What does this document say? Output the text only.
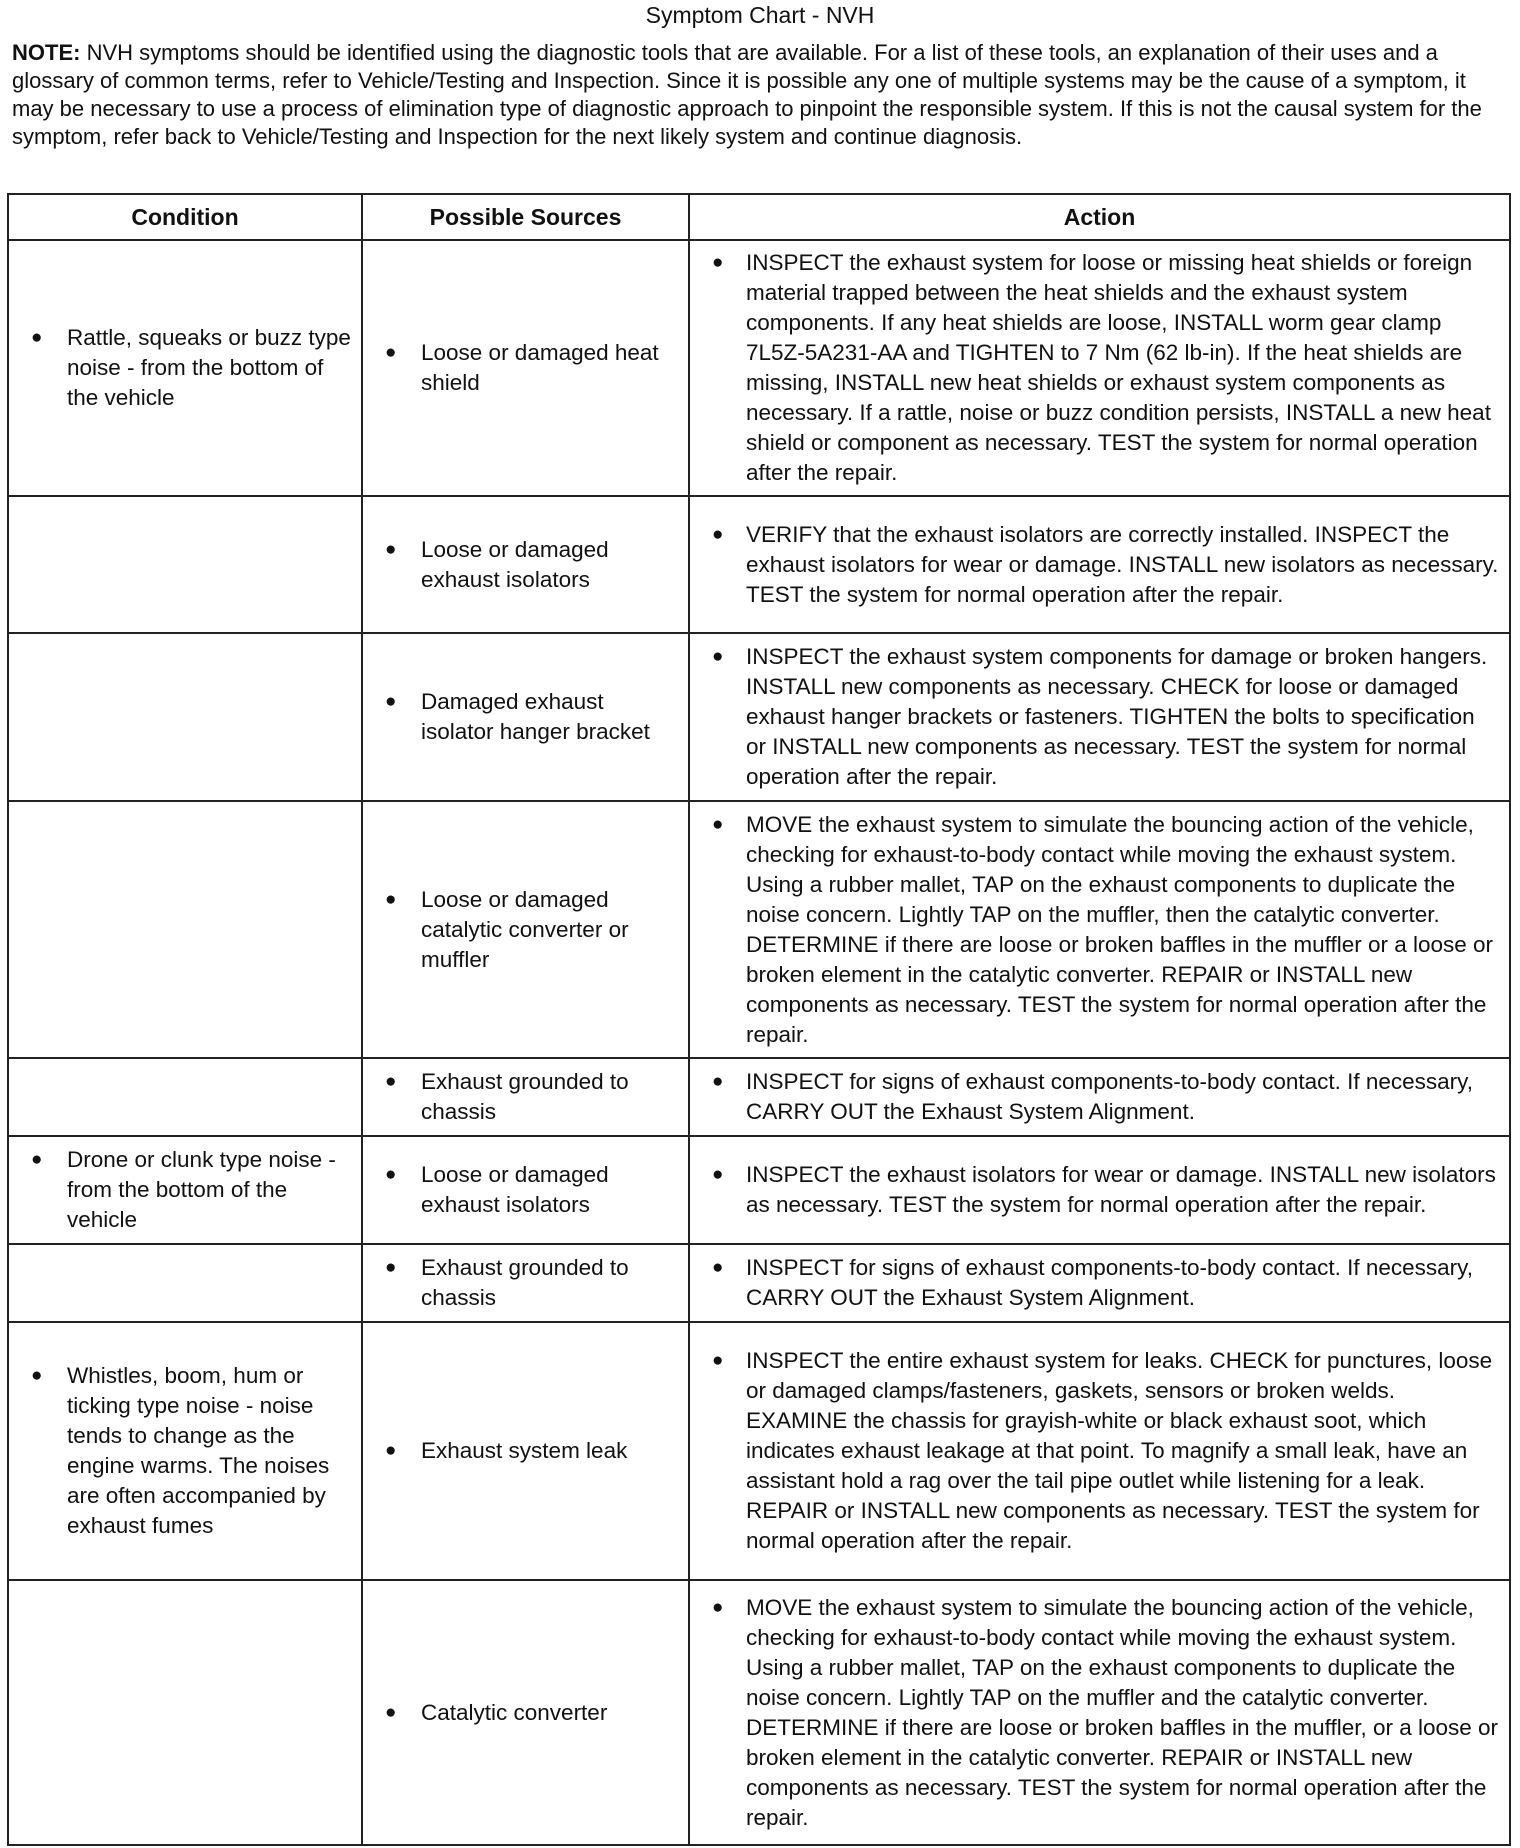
Symptom Chart - NVH
NOTE: NVH symptoms should be identified using the diagnostic tools that are available. For a list of these tools, an explanation of their uses and a glossary of common terms, refer to Vehicle/Testing and Inspection. Since it is possible any one of multiple systems may be the cause of a symptom, it may be necessary to use a process of elimination type of diagnostic approach to pinpoint the responsible system. If this is not the causal system for the symptom, refer back to Vehicle/Testing and Inspection for the next likely system and continue diagnosis.
Condition	Possible Sources	Action

● Rattle, squeaks or buzz type noise - from the bottom of the vehicle	● Loose or damaged heat shield	● INSPECT the exhaust system for loose or missing heat shields or foreign material trapped between the heat shields and the exhaust system components. If any heat shields are loose, INSTALL worm gear clamp 7L5Z-5A231-AA and TIGHTEN to 7 Nm (62 lb-in). If the heat shields are missing, INSTALL new heat shields or exhaust system components as necessary. If a rattle, noise or buzz condition persists, INSTALL a new heat shield or component as necessary. TEST the system for normal operation after the repair.

	● Loose or damaged exhaust isolators	● VERIFY that the exhaust isolators are correctly installed. INSPECT the exhaust isolators for wear or damage. INSTALL new isolators as necessary. TEST the system for normal operation after the repair.

	● Damaged exhaust isolator hanger bracket	● INSPECT the exhaust system components for damage or broken hangers. INSTALL new components as necessary. CHECK for loose or damaged exhaust hanger brackets or fasteners. TIGHTEN the bolts to specification or INSTALL new components as necessary. TEST the system for normal operation after the repair.

	● Loose or damaged catalytic converter or muffler	● MOVE the exhaust system to simulate the bouncing action of the vehicle, checking for exhaust-to-body contact while moving the exhaust system. Using a rubber mallet, TAP on the exhaust components to duplicate the noise concern. Lightly TAP on the muffler, then the catalytic converter. DETERMINE if there are loose or broken baffles in the muffler or a loose or broken element in the catalytic converter. REPAIR or INSTALL new components as necessary. TEST the system for normal operation after the repair.

	● Exhaust grounded to chassis	● INSPECT for signs of exhaust components-to-body contact. If necessary, CARRY OUT the Exhaust System Alignment.

● Drone or clunk type noise - from the bottom of the vehicle	● Loose or damaged exhaust isolators	● INSPECT the exhaust isolators for wear or damage. INSTALL new isolators as necessary. TEST the system for normal operation after the repair.

	● Exhaust grounded to chassis	● INSPECT for signs of exhaust components-to-body contact. If necessary, CARRY OUT the Exhaust System Alignment.

● Whistles, boom, hum or ticking type noise - noise tends to change as the engine warms. The noises are often accompanied by exhaust fumes	● Exhaust system leak	● INSPECT the entire exhaust system for leaks. CHECK for punctures, loose or damaged clamps/fasteners, gaskets, sensors or broken welds. EXAMINE the chassis for grayish-white or black exhaust soot, which indicates exhaust leakage at that point. To magnify a small leak, have an assistant hold a rag over the tail pipe outlet while listening for a leak. REPAIR or INSTALL new components as necessary. TEST the system for normal operation after the repair.

	● Catalytic converter	● MOVE the exhaust system to simulate the bouncing action of the vehicle, checking for exhaust-to-body contact while moving the exhaust system. Using a rubber mallet, TAP on the exhaust components to duplicate the noise concern. Lightly TAP on the muffler and the catalytic converter. DETERMINE if there are loose or broken baffles in the muffler, or a loose or broken element in the catalytic converter. REPAIR or INSTALL new components as necessary. TEST the system for normal operation after the repair.
